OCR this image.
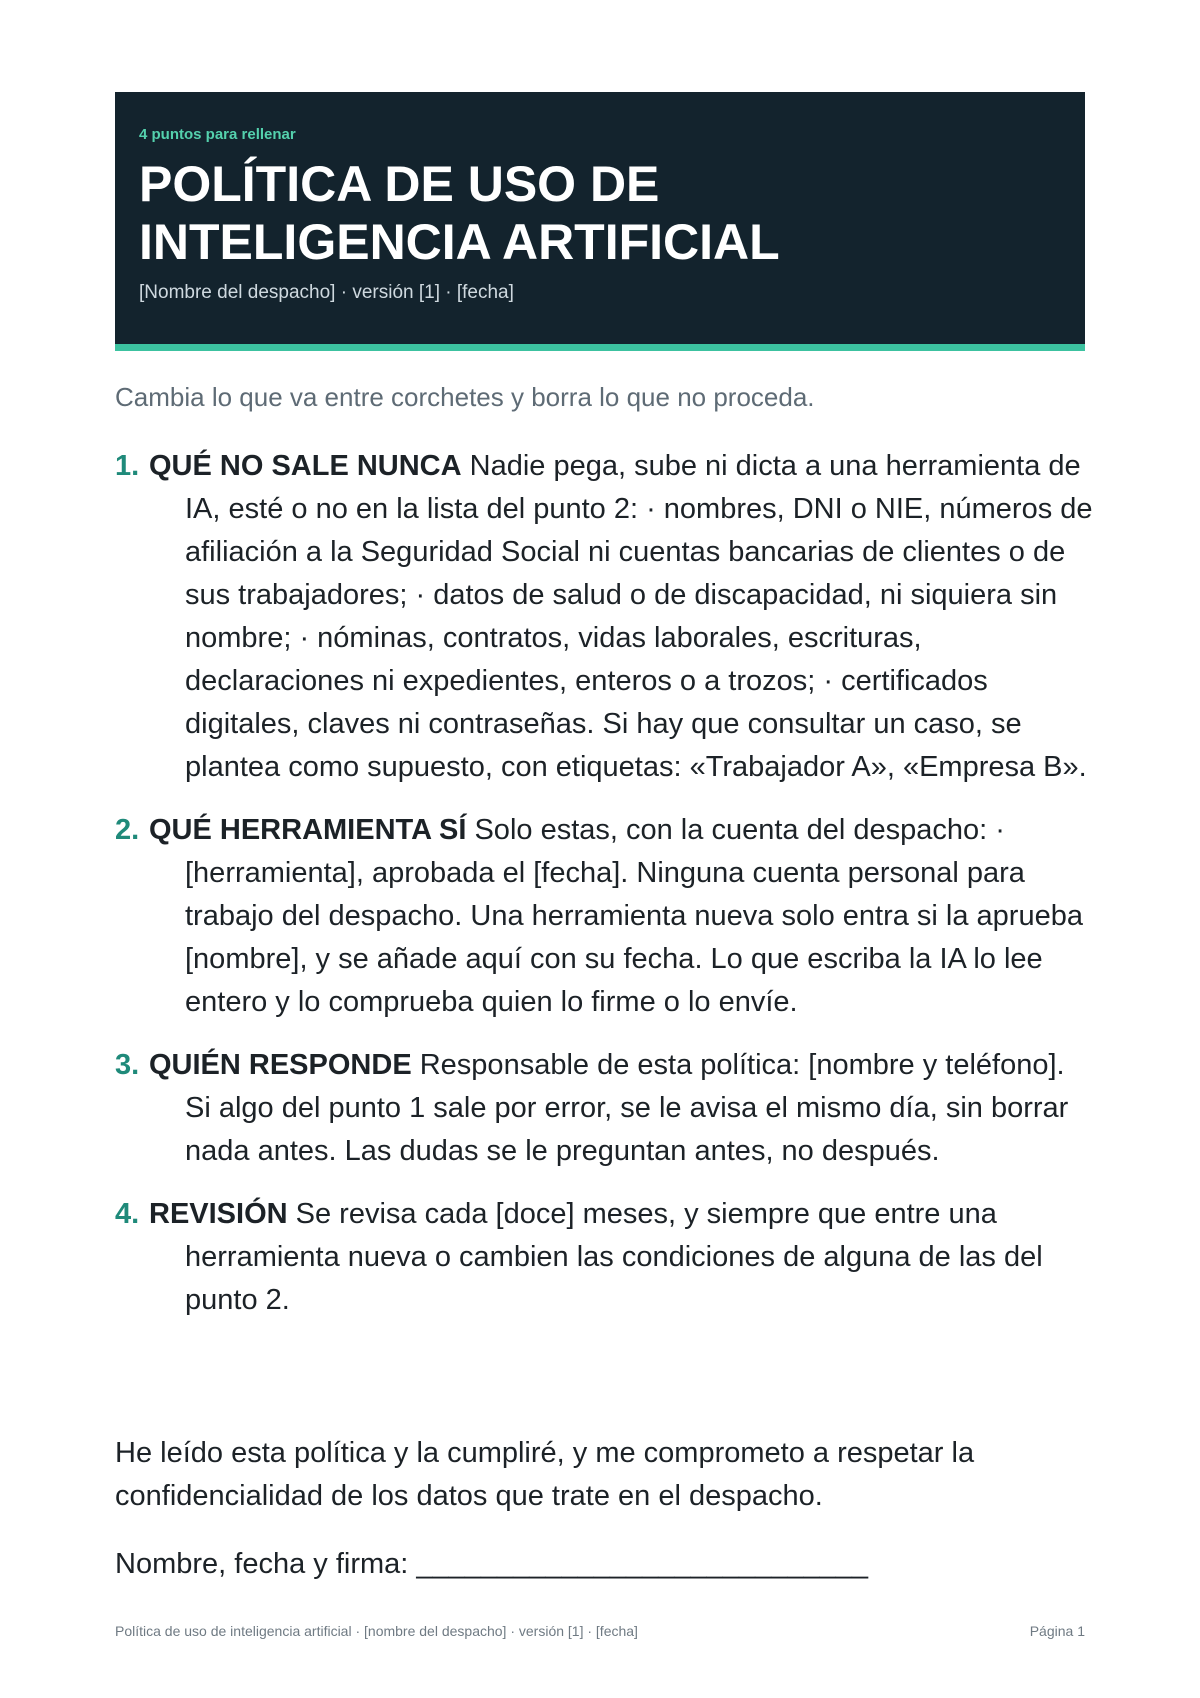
4 puntos para rellenar
POLÍTICA DE USO DE
INTELIGENCIA ARTIFICIAL
[Nombre del despacho] · versión [1] · [fecha]
Cambia lo que va entre corchetes y borra lo que no proceda.
1. QUÉ NO SALE NUNCA Nadie pega, sube ni dicta a una herramienta de IA, esté o no en la lista del punto 2: · nombres, DNI o NIE, números de afiliación a la Seguridad Social ni cuentas bancarias de clientes o de sus trabajadores; · datos de salud o de discapacidad, ni siquiera sin nombre; · nóminas, contratos, vidas laborales, escrituras, declaraciones ni expedientes, enteros o a trozos; · certificados digitales, claves ni contraseñas. Si hay que consultar un caso, se plantea como supuesto, con etiquetas: «Trabajador A», «Empresa B».
2. QUÉ HERRAMIENTA SÍ Solo estas, con la cuenta del despacho: · [herramienta], aprobada el [fecha]. Ninguna cuenta personal para trabajo del despacho. Una herramienta nueva solo entra si la aprueba [nombre], y se añade aquí con su fecha. Lo que escriba la IA lo lee entero y lo comprueba quien lo firme o lo envíe.
3. QUIÉN RESPONDE Responsable de esta política: [nombre y teléfono]. Si algo del punto 1 sale por error, se le avisa el mismo día, sin borrar nada antes. Las dudas se le preguntan antes, no después.
4. REVISIÓN Se revisa cada [doce] meses, y siempre que entre una herramienta nueva o cambien las condiciones de alguna de las del punto 2.
He leído esta política y la cumpliré, y me comprometo a respetar la confidencialidad de los datos que trate en el despacho.
Nombre, fecha y firma: ____________________________
Política de uso de inteligencia artificial · [nombre del despacho] · versión [1] · [fecha]	Página 1
